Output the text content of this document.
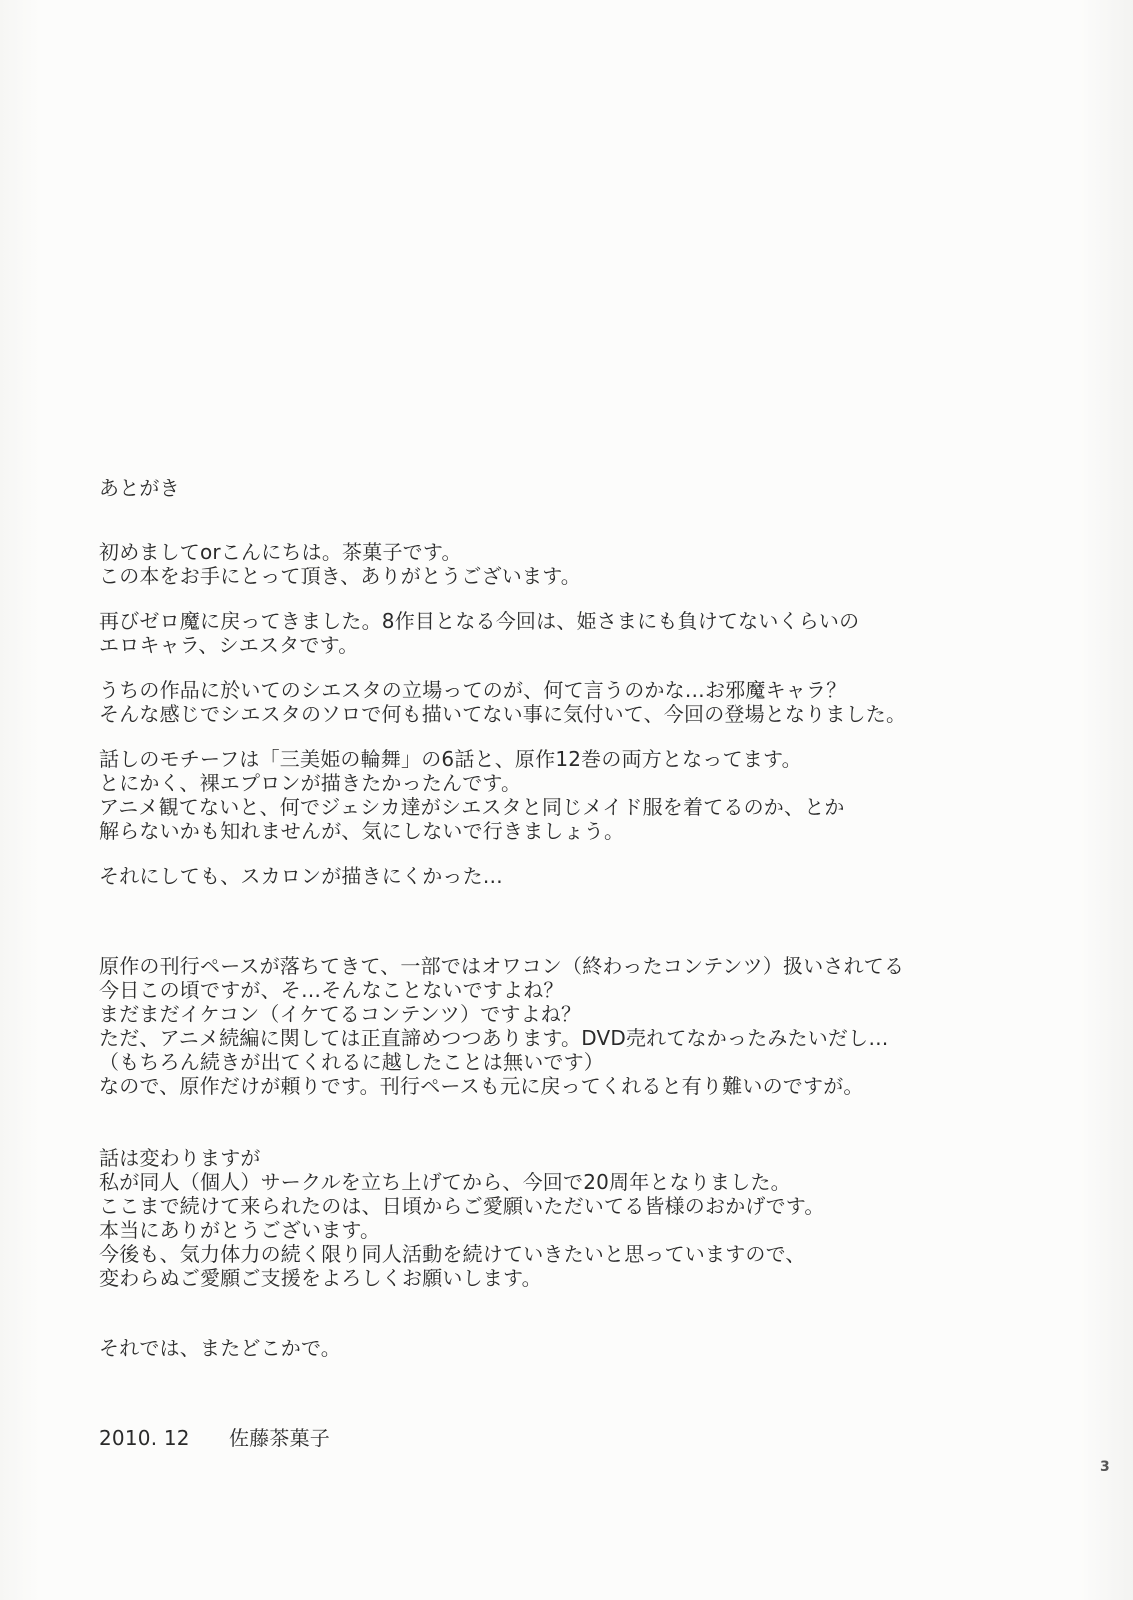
あとがき
初めましてorこんにちは。茶菓子です。
この本をお手にとって頂き、ありがとうございます。
再びゼロ魔に戻ってきました。8作目となる今回は、姫さまにも負けてないくらいの
エロキャラ、シエスタです。
うちの作品に於いてのシエスタの立場ってのが、何て言うのかな…お邪魔キャラ？
そんな感じでシエスタのソロで何も描いてない事に気付いて、今回の登場となりました。
話しのモチーフは「三美姫の輪舞」の6話と、原作12巻の両方となってます。
とにかく、裸エプロンが描きたかったんです。
アニメ観てないと、何でジェシカ達がシエスタと同じメイド服を着てるのか、とか
解らないかも知れませんが、気にしないで行きましょう。
それにしても、スカロンが描きにくかった…
原作の刊行ペースが落ちてきて、一部ではオワコン（終わったコンテンツ）扱いされてる
今日この頃ですが、そ…そんなことないですよね？
まだまだイケコン（イケてるコンテンツ）ですよね？
ただ、アニメ続編に関しては正直諦めつつあります。DVD売れてなかったみたいだし…
（もちろん続きが出てくれるに越したことは無いです）
なので、原作だけが頼りです。刊行ペースも元に戻ってくれると有り難いのですが。
話は変わりますが
私が同人（個人）サークルを立ち上げてから、今回で20周年となりました。
ここまで続けて来られたのは、日頃からご愛願いただいてる皆様のおかげです。
本当にありがとうございます。
今後も、気力体力の続く限り同人活動を続けていきたいと思っていますので、
変わらぬご愛願ご支援をよろしくお願いします。
それでは、またどこかで。
2010. 12 佐藤茶菓子
3
